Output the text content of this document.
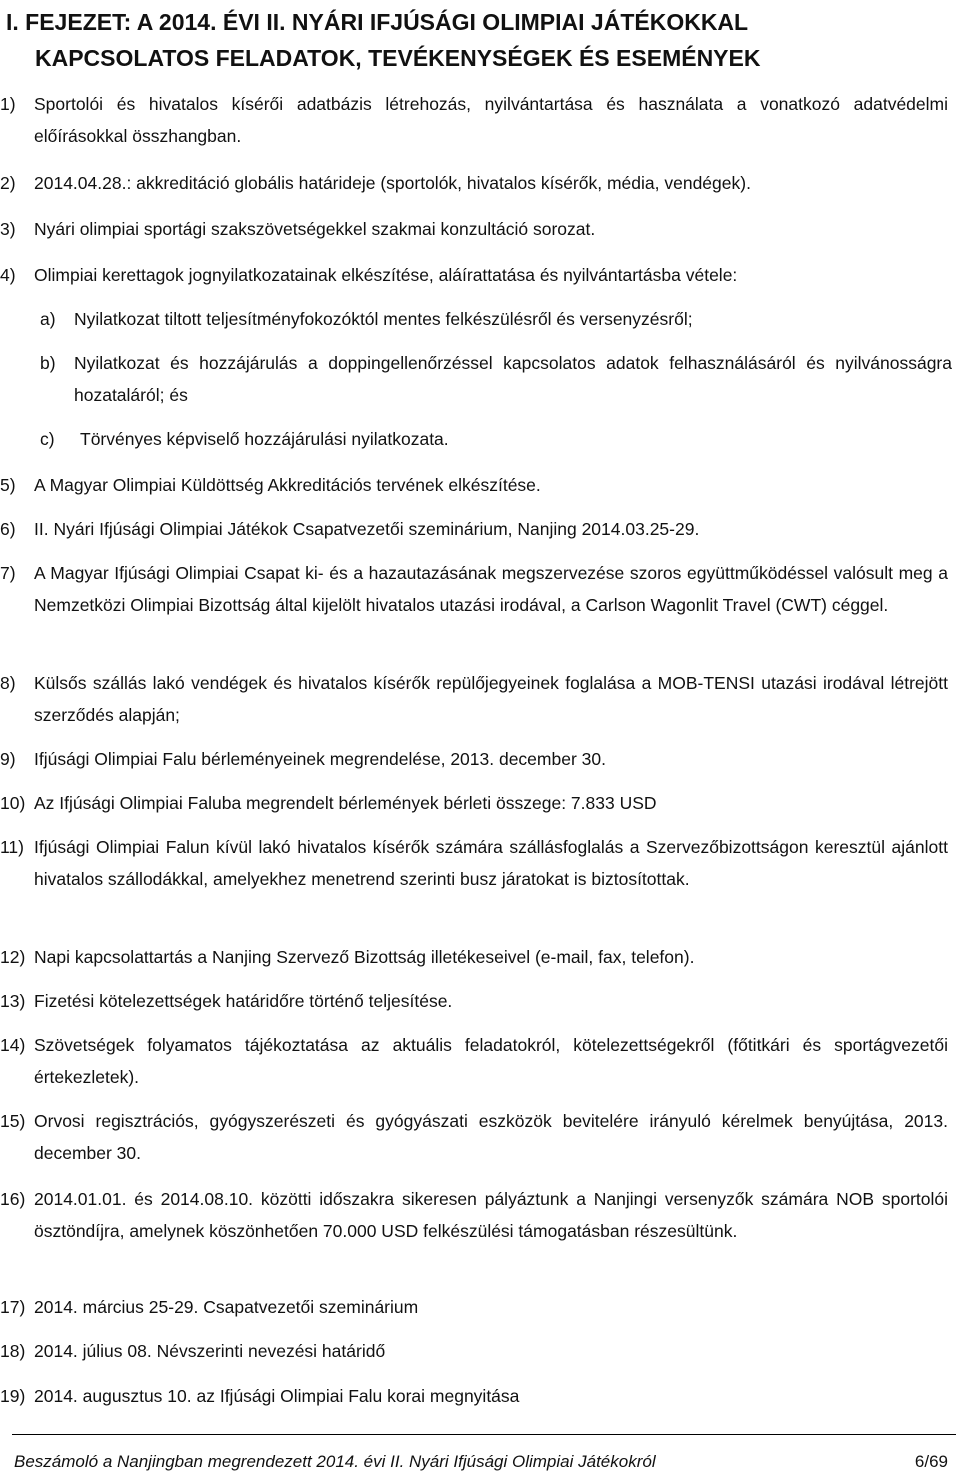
I. FEJEZET: A 2014. ÉVI II. NYÁRI IFJÚSÁGI OLIMPIAI JÁTÉKOKKAL
KAPCSOLATOS FELADATOK, TEVÉKENYSÉGEK ÉS ESEMÉNYEK
1) Sportolói és hivatalos kísérői adatbázis létrehozás, nyilvántartása és használata a vonatkozó adatvédelmi előírásokkal összhangban.
2) 2014.04.28.: akkreditáció globális határideje (sportolók, hivatalos kísérők, média, vendégek).
3) Nyári olimpiai sportági szakszövetségekkel szakmai konzultáció sorozat.
4) Olimpiai kerettagok jognyilatkozatainak elkészítése, aláírattatása és nyilvántartásba vétele:
a) Nyilatkozat tiltott teljesítményfokozóktól mentes felkészülésről és versenyzésről;
b) Nyilatkozat és hozzájárulás a doppingellenőrzéssel kapcsolatos adatok felhasználásáról és nyilvánosságra hozataláról; és
c) Törvényes képviselő hozzájárulási nyilatkozata.
5) A Magyar Olimpiai Küldöttség Akkreditációs tervének elkészítése.
6) II. Nyári Ifjúsági Olimpiai Játékok Csapatvezetői szeminárium, Nanjing 2014.03.25-29.
7) A Magyar Ifjúsági Olimpiai Csapat ki- és a hazautazásának megszervezése szoros együttműködéssel valósult meg a Nemzetközi Olimpiai Bizottság által kijelölt hivatalos utazási irodával, a Carlson Wagonlit Travel (CWT) céggel.
8) Külsős szállás lakó vendégek és hivatalos kísérők repülőjegyeinek foglalása a MOB-TENSI utazási irodával létrejött szerződés alapján;
9) Ifjúsági Olimpiai Falu bérleményeinek megrendelése, 2013. december 30.
10) Az Ifjúsági Olimpiai Faluba megrendelt bérlemények bérleti összege: 7.833 USD
11) Ifjúsági Olimpiai Falun kívül lakó hivatalos kísérők számára szállásfoglalás a Szervezőbizottságon keresztül ajánlott hivatalos szállodákkal, amelyekhez menetrend szerinti busz járatokat is biztosítottak.
12) Napi kapcsolattartás a Nanjing Szervező Bizottság illetékeseivel (e-mail, fax, telefon).
13) Fizetési kötelezettségek határidőre történő teljesítése.
14) Szövetségek folyamatos tájékoztatása az aktuális feladatokról, kötelezettségekről (főtitkári és sportágvezetői értekezletek).
15) Orvosi regisztrációs, gyógyszerészeti és gyógyászati eszközök bevitelére irányuló kérelmek benyújtása, 2013. december 30.
16) 2014.01.01. és 2014.08.10. közötti időszakra sikeresen pályáztunk a Nanjingi versenyzők számára NOB sportolói ösztöndíjra, amelynek köszönhetően 70.000 USD felkészülési támogatásban részesültünk.
17) 2014. március 25-29. Csapatvezetői szeminárium
18) 2014. július 08. Névszerinti nevezési határidő
19) 2014. augusztus 10. az Ifjúsági Olimpiai Falu korai megnyitása
Beszámoló a Nanjingban megrendezett 2014. évi II. Nyári Ifjúsági Olimpiai Játékokról	6/69
